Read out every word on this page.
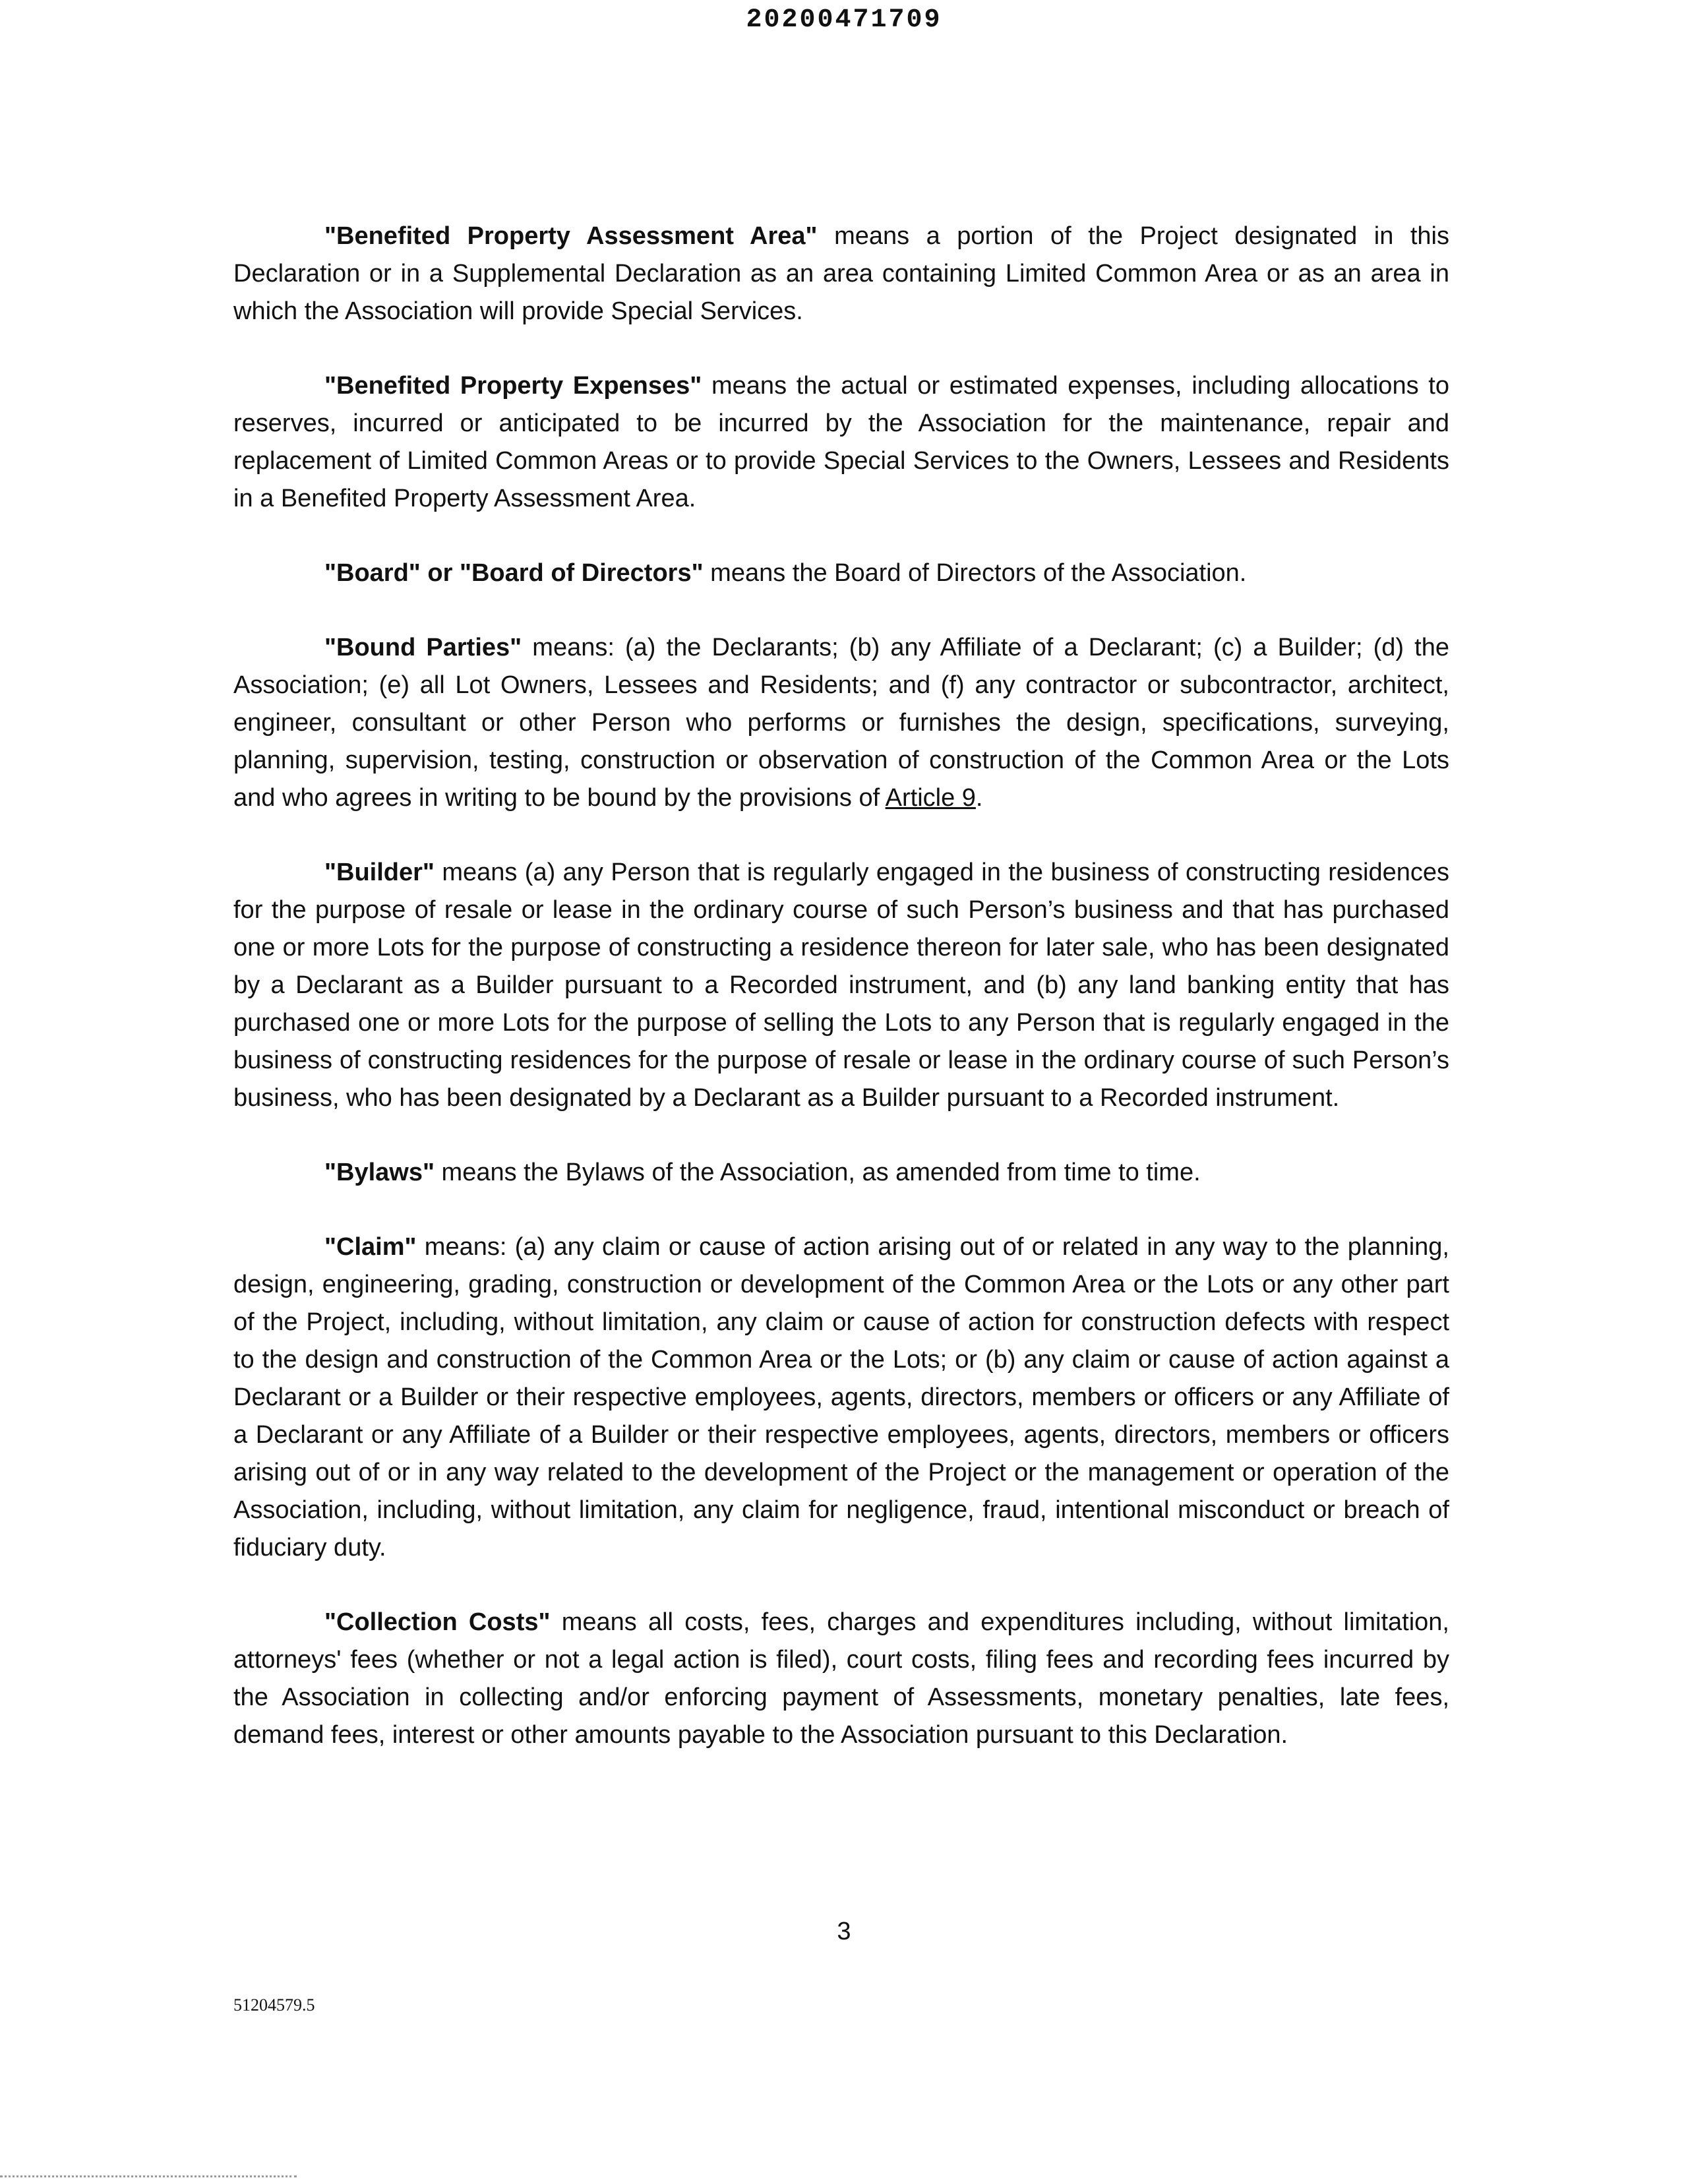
20200471709

"Benefited Property Assessment Area" means a portion of the Project designated in this Declaration or in a Supplemental Declaration as an area containing Limited Common Area or as an area in which the Association will provide Special Services.

"Benefited Property Expenses" means the actual or estimated expenses, including allocations to reserves, incurred or anticipated to be incurred by the Association for the maintenance, repair and replacement of Limited Common Areas or to provide Special Services to the Owners, Lessees and Residents in a Benefited Property Assessment Area.

"Board" or "Board of Directors" means the Board of Directors of the Association.

"Bound Parties" means: (a) the Declarants; (b) any Affiliate of a Declarant; (c) a Builder; (d) the Association; (e) all Lot Owners, Lessees and Residents; and (f) any contractor or subcontractor, architect, engineer, consultant or other Person who performs or furnishes the design, specifications, surveying, planning, supervision, testing, construction or observation of construction of the Common Area or the Lots and who agrees in writing to be bound by the provisions of Article 9.

"Builder" means (a) any Person that is regularly engaged in the business of constructing residences for the purpose of resale or lease in the ordinary course of such Person’s business and that has purchased one or more Lots for the purpose of constructing a residence thereon for later sale, who has been designated by a Declarant as a Builder pursuant to a Recorded instrument, and (b) any land banking entity that has purchased one or more Lots for the purpose of selling the Lots to any Person that is regularly engaged in the business of constructing residences for the purpose of resale or lease in the ordinary course of such Person’s business, who has been designated by a Declarant as a Builder pursuant to a Recorded instrument.

"Bylaws" means the Bylaws of the Association, as amended from time to time.

"Claim" means: (a) any claim or cause of action arising out of or related in any way to the planning, design, engineering, grading, construction or development of the Common Area or the Lots or any other part of the Project, including, without limitation, any claim or cause of action for construction defects with respect to the design and construction of the Common Area or the Lots; or (b) any claim or cause of action against a Declarant or a Builder or their respective employees, agents, directors, members or officers or any Affiliate of a Declarant or any Affiliate of a Builder or their respective employees, agents, directors, members or officers arising out of or in any way related to the development of the Project or the management or operation of the Association, including, without limitation, any claim for negligence, fraud, intentional misconduct or breach of fiduciary duty.

"Collection Costs" means all costs, fees, charges and expenditures including, without limitation, attorneys' fees (whether or not a legal action is filed), court costs, filing fees and recording fees incurred by the Association in collecting and/or enforcing payment of Assessments, monetary penalties, late fees, demand fees, interest or other amounts payable to the Association pursuant to this Declaration.

3
51204579.5
